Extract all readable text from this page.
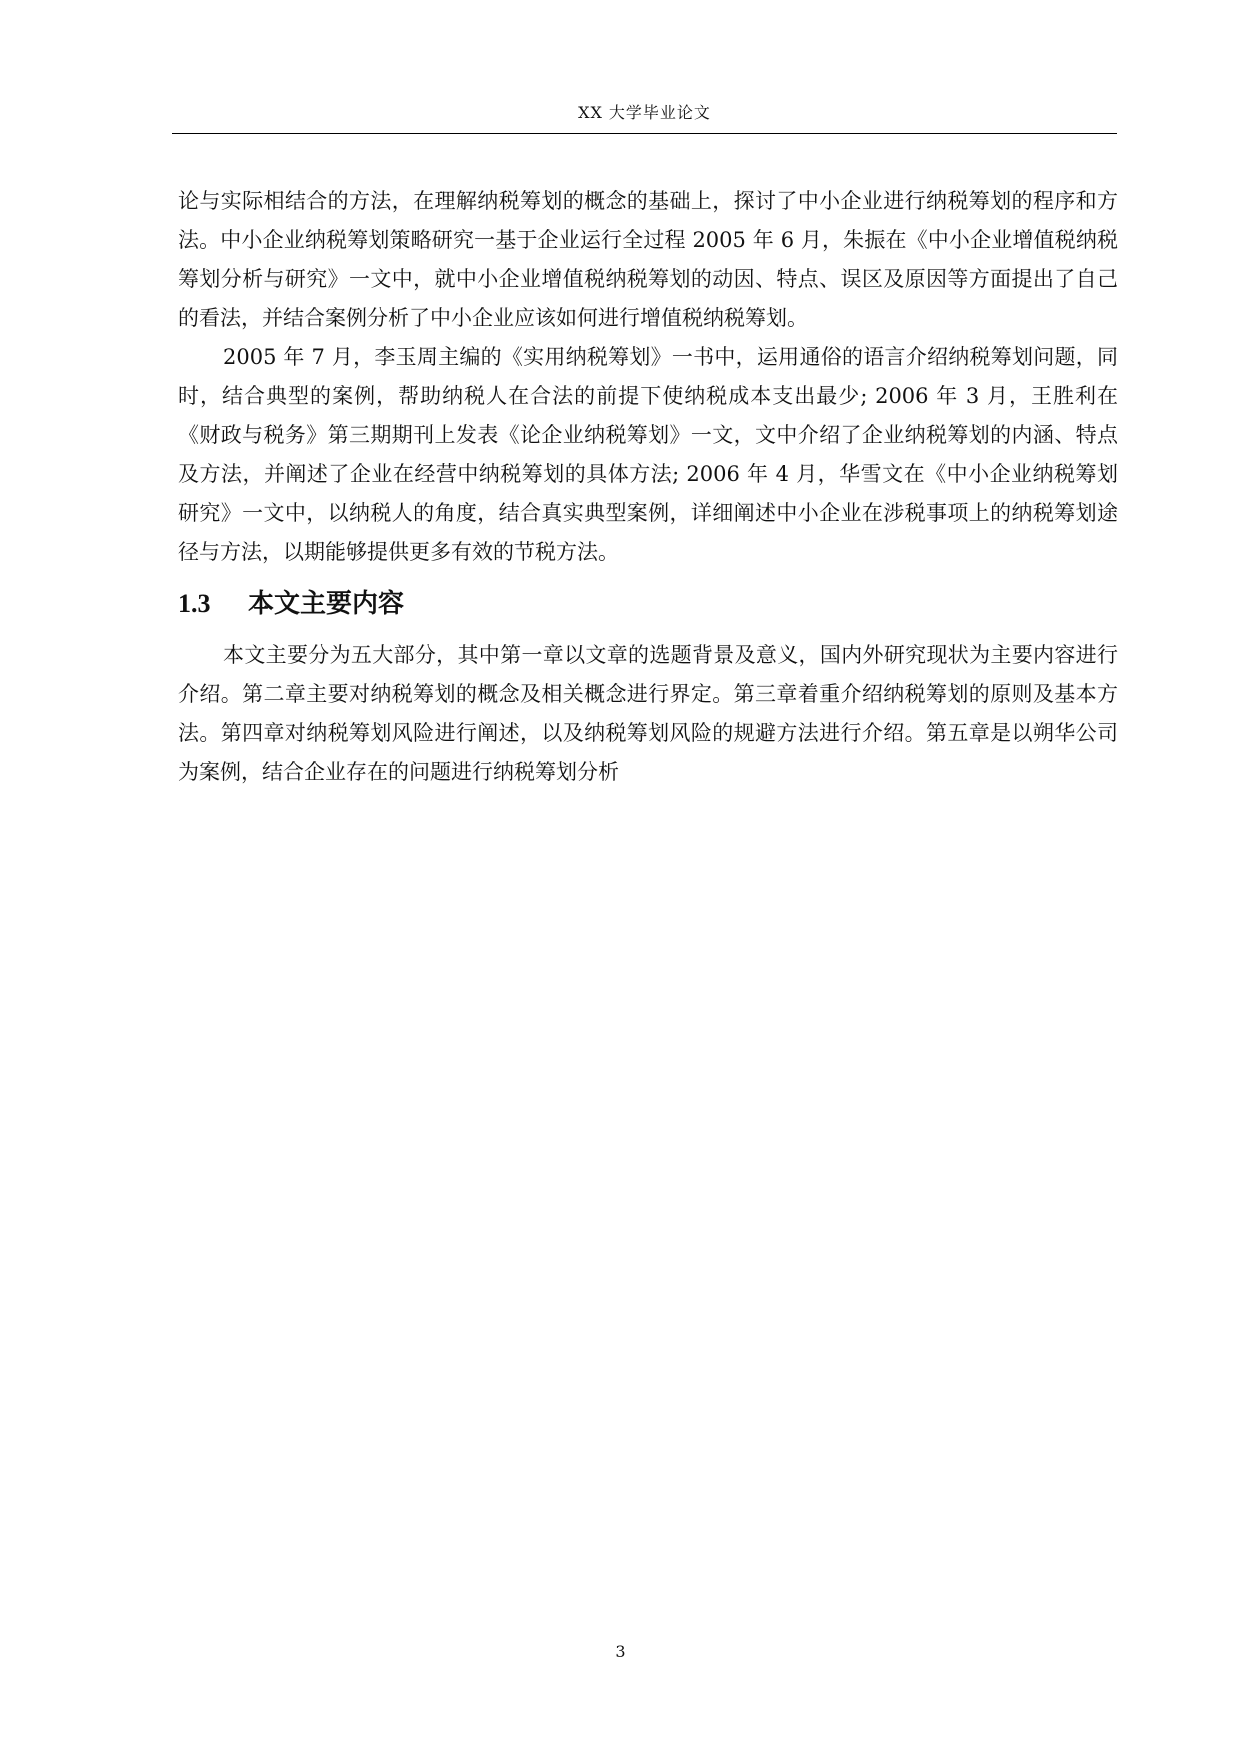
XX 大学毕业论文

论与实际相结合的方法，在理解纳税筹划的概念的基础上，探讨了中小企业进行纳税筹划的程序和方法。中小企业纳税筹划策略研究一基于企业运行全过程 2005 年 6 月，朱振在《中小企业增值税纳税筹划分析与研究》一文中，就中小企业增值税纳税筹划的动因、特点、误区及原因等方面提出了自己的看法，并结合案例分析了中小企业应该如何进行增值税纳税筹划。

2005 年 7 月，李玉周主编的《实用纳税筹划》一书中，运用通俗的语言介绍纳税筹划问题，同时，结合典型的案例，帮助纳税人在合法的前提下使纳税成本支出最少; 2006 年 3 月，王胜利在《财政与税务》第三期期刊上发表《论企业纳税筹划》一文，文中介绍了企业纳税筹划的内涵、特点及方法，并阐述了企业在经营中纳税筹划的具体方法; 2006 年 4 月，华雪文在《中小企业纳税筹划研究》一文中，以纳税人的角度，结合真实典型案例，详细阐述中小企业在涉税事项上的纳税筹划途径与方法，以期能够提供更多有效的节税方法。

1.3 本文主要内容

本文主要分为五大部分，其中第一章以文章的选题背景及意义，国内外研究现状为主要内容进行介绍。第二章主要对纳税筹划的概念及相关概念进行界定。第三章着重介绍纳税筹划的原则及基本方法。第四章对纳税筹划风险进行阐述，以及纳税筹划风险的规避方法进行介绍。第五章是以朔华公司为案例，结合企业存在的问题进行纳税筹划分析

3
